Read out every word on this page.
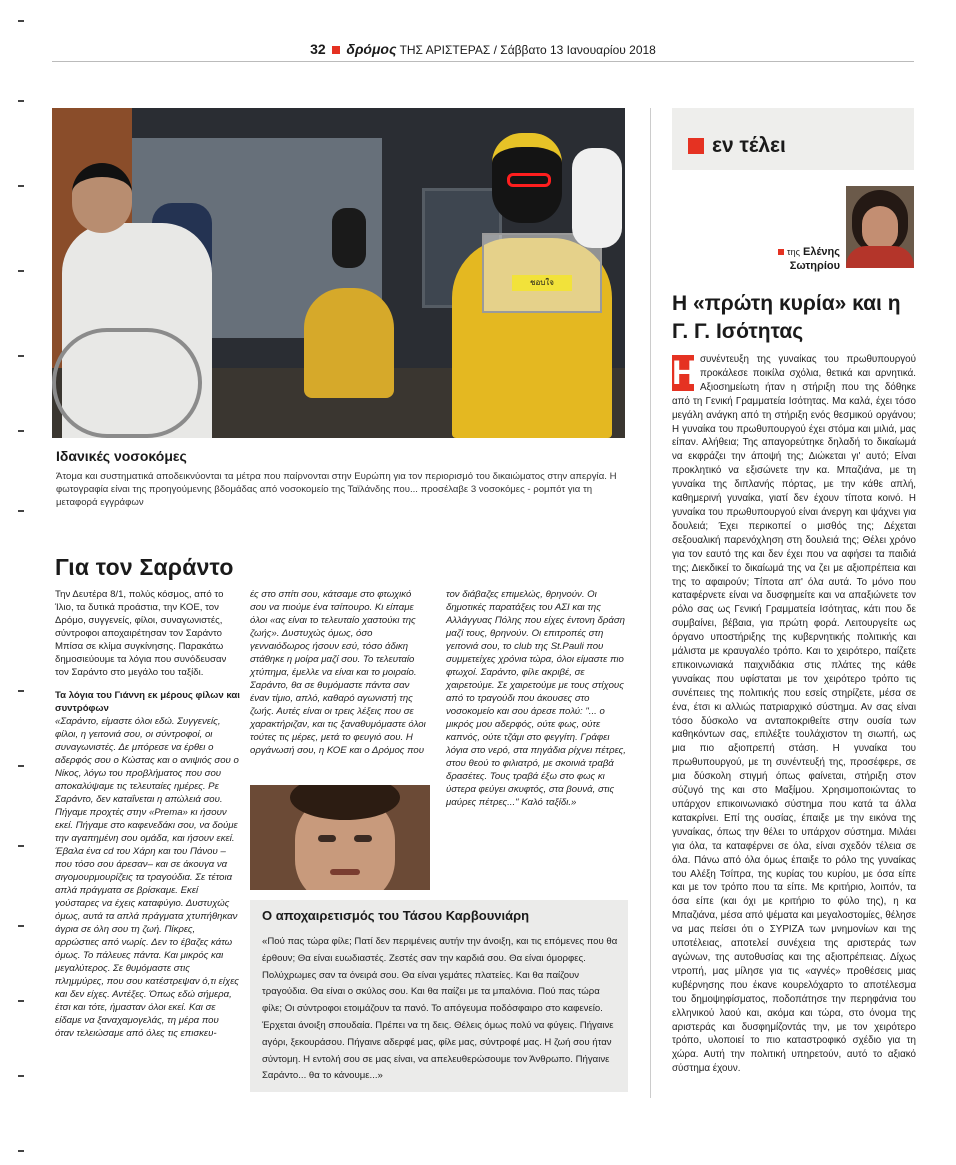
32 δρόμος ΤΗΣ ΑΡΙΣΤΕΡΑΣ / Σάββατο 13 Ιανουαρίου 2018
ชอบใจ
Ιδανικές νοσοκόμες
Άτομα και συστηματικά αποδεικνύονται τα μέτρα που παίρνονται στην Ευρώπη για τον περιορισμό του δικαιώματος στην απεργία. Η φωτογραφία είναι της προηγούμενης βδομάδας από νοσοκομείο της Ταϊλάνδης που... προσέλαβε 3 νοσοκόμες - ρομπότ για τη μεταφορά εγγράφων
Για τον Σαράντο

Την Δευτέρα 8/1, πολύς κόσμος, από το Ίλιο, τα δυτικά προάστια, την ΚΟΕ, τον Δρόμο, συγγενείς, φίλοι, συναγωνιστές, σύντροφοι αποχαιρέτησαν τον Σαράντο Μπίσα σε κλίμα συγκίνησης. Παρακάτω δημοσιεύουμε τα λόγια που συνόδευσαν τον Σαράντο στο μεγάλο του ταξίδι.

Τα λόγια του Γιάννη εκ μέρους φίλων και συντρόφων

«Σαράντο, είμαστε όλοι εδώ. Συγγενείς, φίλοι, η γειτονιά σου, οι σύντροφοί, οι συναγωνιστές. Δε μπόρεσε να έρθει ο αδερφός σου ο Κώστας και ο ανιψιός σου ο Νίκος, λόγω του προβλήματος που σου αποκαλύψαμε τις τελευταίες ημέρες. Ρε Σαράντο, δεν καταΐνεται η απώλειά σου. Πήγαμε προχτές στην «Prema» κι ήσουν εκεί. Πήγαμε στο καφενεδάκι σου, να δούμε την αγαπημένη σου ομάδα, και ήσουν εκεί. Έβαλα ένα cd του Χάρη και του Πάνου –που τόσο σου άρεσαν– και σε άκουγα να σιγομουρμουρίζεις τα τραγούδια. Σε τέτοια απλά πράγματα σε βρίσκαμε. Εκεί γούσταρες να έχεις καταφύγιο. Δυστυχώς όμως, αυτά τα απλά πράγματα χτυπήθηκαν άγρια σε όλη σου τη ζωή. Πίκρες, αρρώστιες από νωρίς. Δεν το έβαζες κάτω όμως. Το πάλευες πάντα. Και μικρός και μεγαλύτερος. Σε θυμόμαστε στις πλημμύρες, που σου κατέστρεψαν ό,τι είχες και δεν είχες. Αντέξες. Όπως εδώ σήμερα, έτσι και τότε, ήμασταν όλοι εκεί. Και σε είδαμε να ξαναχαμογελάς, τη μέρα που όταν τελειώσαμε από όλες τις επισκευ-

ές στο σπίτι σου, κάτσαμε στο φτωχικό σου να πιούμε ένα τσίπουρο. Κι είπαμε όλοι «ας είναι το τελευταίο χαστούκι της ζωής». Δυστυχώς όμως, όσο γενναιόδωρος ήσουν εσύ, τόσο άδικη στάθηκε η μοίρα μαζί σου. Το τελευταίο χτύπημα, έμελλε να είναι και το μοιραίο. Σαράντο, θα σε θυμόμαστε πάντα σαν έναν τίμιο, απλό, καθαρό αγωνιστή της ζωής. Αυτές είναι οι τρεις λέξεις που σε χαρακτήριζαν, και τις ξαναθυμόμαστε όλοι τούτες τις μέρες, μετά το φευγιό σου. Η οργάνωσή σου, η ΚΟΕ και ο Δρόμος που

τον διάβαζες επιμελώς, θρηνούν. Οι δημοτικές παρατάξεις του ΑΣΙ και της Αλλάγγυας Πόλης που είχες έντονη δράση μαζί τους, θρηνούν. Οι επιτροπές στη γειτονιά σου, το club της St.Pauli που συμμετείχες χρόνια τώρα, όλοι είμαστε πιο φτωχοί. Σαράντο, φίλε ακριβέ, σε χαιρετούμε. Σε χαιρετούμε με τους στίχους από το τραγούδι που άκουσες στο νοσοκομείο και σου άρεσε πολύ: "... ο μικρός μου αδερφός, ούτε φως, ούτε καπνός, ούτε τζάμι στο φεγγίτη. Γράφει λόγια στο νερό, στα πηγάδια ρίχνει πέτρες, στου θεού το φιλιατρό, με σκοινιά τραβά δρασέτες. Τους τραβά έξω στο φως κι ύστερα φεύγει σκυφτός, στα βουνά, στις μαύρες πέτρες..." Καλό ταξίδι.»

Ο αποχαιρετισμός του Τάσου Καρβουνιάρη
«Πού πας τώρα φίλε; Πατί δεν περιμένεις αυτήν την άνοιξη, και τις επόμενες που θα έρθουν; Θα είναι ευωδιαστές. Ζεστές σαν την καρδιά σου. Θα είναι όμορφες. Πολύχρωμες σαν τα όνειρά σου. Θα είναι γεμάτες πλατείες. Και θα παίζουν τραγούδια. Θα είναι ο σκύλος σου. Και θα παίζει με τα μπαλόνια. Πού πας τώρα φίλε; Οι σύντροφοι ετοιμάζουν τα πανό. Το απόγευμα ποδόσφαιρο στο καφενείο. Έρχεται άνοιξη σπουδαία. Πρέπει να τη δεις. Θέλεις όμως πολύ να φύγεις. Πήγαινε αγόρι, ξεκουράσου. Πήγαινε αδερφέ μας, φίλε μας, σύντροφέ μας. Η ζωή σου ήταν σύντομη. Η εντολή σου σε μας είναι, να απελευθερώσουμε τον Άνθρωπο. Πήγαινε Σαράντο... θα το κάνουμε...»
εν τέλει
της Ελένης
Σωτηρίου
Η «πρώτη κυρία» και η Γ. Γ. Ισότητας
Η συνέντευξη της γυναίκας του πρωθυπουργού προκάλεσε ποικίλα σχόλια, θετικά και αρνητικά. Αξιοσημείωτη ήταν η στήριξη που της δόθηκε από τη Γενική Γραμματεία Ισότητας. Μα καλά, έχει τόσο μεγάλη ανάγκη από τη στήριξη ενός θεσμικού οργάνου; Η γυναίκα του πρωθυπουργού έχει στόμα και μιλιά, μας είπαν. Αλήθεια; Της απαγορεύτηκε δηλαδή το δικαίωμά να εκφράζει την άποψή της; Διώκεται γι' αυτό; Είναι προκλητικό να εξισώνετε την κα. Μπαζιάνα, με τη γυναίκα της διπλανής πόρτας, με την κάθε απλή, καθημερινή γυναίκα, γιατί δεν έχουν τίποτα κοινό. Η γυναίκα του πρωθυπουργού είναι άνεργη και ψάχνει για δουλειά; Έχει περικοπεί ο μισθός της; Δέχεται σεξουαλική παρενόχληση στη δουλειά της; Θέλει χρόνο για τον εαυτό της και δεν έχει που να αφήσει τα παιδιά της; Διεκδικεί το δικαίωμά της να ζει με αξιοπρέπεια και της το αφαιρούν; Τίποτα απ' όλα αυτά. Το μόνο που καταφέρνετε είναι να δυσφημείτε και να απαξιώνετε τον ρόλο σας ως Γενική Γραμματεία Ισότητας, κάτι που δε συμβαίνει, βέβαια, για πρώτη φορά. Λειτουργείτε ως όργανο υποστήριξης της κυβερνητικής πολιτικής και μάλιστα με κραυγαλέο τρόπο. Και το χειρότερο, παίζετε επικοινωνιακά παιχνιδάκια στις πλάτες της κάθε γυναίκας που υφίσταται με τον χειρότερο τρόπο τις συνέπειες της πολιτικής που εσείς στηρίζετε, μέσα σε ένα, έτσι κι αλλιώς πατριαρχικό σύστημα. Αν σας είναι τόσο δύσκολο να ανταποκριθείτε στην ουσία των καθηκόντων σας, επιλέξτε τουλάχιστον τη σιωπή, ως μια πιο αξιοπρεπή στάση. Η γυναίκα του πρωθυπουργού, με τη συνέντευξή της, προσέφερε, σε μια δύσκολη στιγμή όπως φαίνεται, στήριξη στον σύζυγό της και στο Μαξίμου. Χρησιμοποιώντας το υπάρχον επικοινωνιακό σύστημα που κατά τα άλλα κατακρίνει. Επί της ουσίας, έπαιξε με την εικόνα της γυναίκας, όπως την θέλει το υπάρχον σύστημα. Μιλάει για όλα, τα καταφέρνει σε όλα, είναι σχεδόν τέλεια σε όλα. Πάνω από όλα όμως έπαιξε το ρόλο της γυναίκας του Αλέξη Τσίπρα, της κυρίας του κυρίου, με όσα είπε και με τον τρόπο που τα είπε. Με κριτήριο, λοιπόν, τα όσα είπε (και όχι με κριτήριο το φύλο της), η κα Μπαζιάνα, μέσα από ψέματα και μεγαλοστομίες, θέλησε να μας πείσει ότι ο ΣΥΡΙΖΑ των μνημονίων και της υποτέλειας, αποτελεί συνέχεια της αριστεράς των αγώνων, της αυτοθυσίας και της αξιοπρέπειας. Δίχως ντροπή, μας μίλησε για τις «αγνές» προθέσεις μιας κυβέρνησης που έκανε κουρελόχαρτο το αποτέλεσμα του δημοψηφίσματος, ποδοπάτησε την περηφάνια του ελληνικού λαού και, ακόμα και τώρα, στο όνομα της αριστεράς και δυσφημίζοντάς την, με τον χειρότερο τρόπο, υλοποιεί το πιο καταστροφικό σχέδιο για τη χώρα. Αυτή την πολιτική υπηρετούν, αυτό το αξιακό σύστημα έχουν.
